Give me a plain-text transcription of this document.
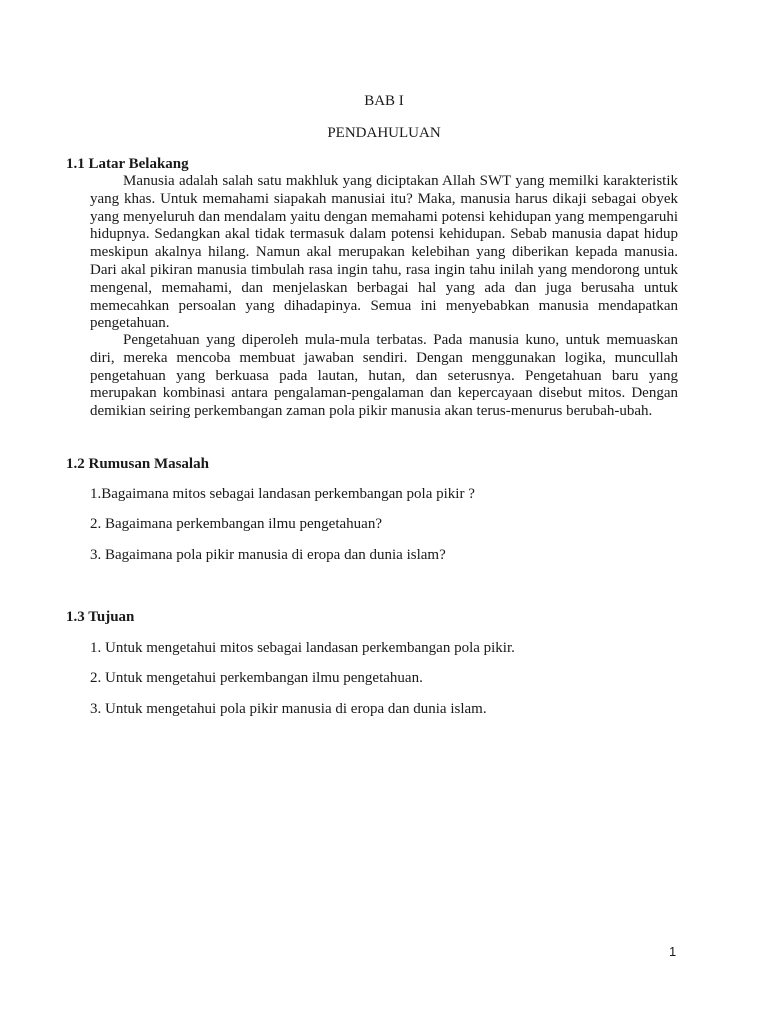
BAB I
PENDAHULUAN
1.1 Latar Belakang
Manusia adalah salah satu makhluk yang diciptakan Allah SWT yang memilki karakteristik yang khas. Untuk memahami siapakah manusiai itu? Maka, manusia harus dikaji sebagai obyek yang menyeluruh dan mendalam yaitu dengan memahami potensi kehidupan yang mempengaruhi hidupnya. Sedangkan akal tidak termasuk dalam potensi kehidupan. Sebab manusia dapat hidup meskipun akalnya hilang. Namun akal merupakan kelebihan yang diberikan kepada manusia. Dari akal pikiran manusia timbulah rasa ingin tahu, rasa ingin tahu inilah yang mendorong untuk mengenal, memahami, dan menjelaskan berbagai hal yang ada dan juga berusaha untuk memecahkan persoalan yang dihadapinya. Semua ini menyebabkan manusia mendapatkan pengetahuan.
Pengetahuan yang diperoleh mula-mula terbatas. Pada manusia kuno, untuk memuaskan diri, mereka mencoba membuat jawaban sendiri. Dengan menggunakan logika, muncullah pengetahuan yang berkuasa pada lautan, hutan, dan seterusnya. Pengetahuan baru yang merupakan kombinasi antara pengalaman-pengalaman dan kepercayaan disebut mitos. Dengan demikian seiring perkembangan zaman pola pikir manusia akan terus-menurus berubah-ubah.
1.2 Rumusan Masalah
1.Bagaimana mitos sebagai landasan perkembangan pola pikir ?
2. Bagaimana perkembangan ilmu pengetahuan?
3. Bagaimana pola pikir manusia di eropa dan dunia islam?
1.3 Tujuan
1. Untuk mengetahui mitos sebagai landasan perkembangan pola pikir.
2. Untuk mengetahui perkembangan ilmu pengetahuan.
3. Untuk mengetahui pola pikir manusia di eropa dan dunia islam.
1
